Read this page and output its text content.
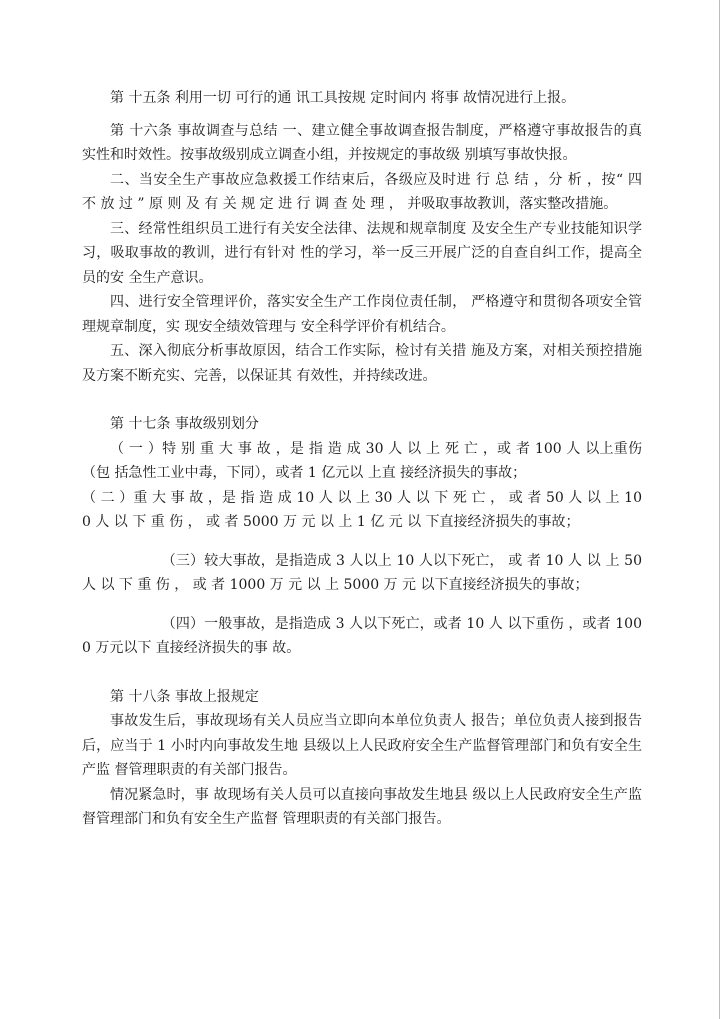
第 十五条 利用一切 可行的通 讯工具按规 定时间内 将事 故情况进行上报。

第 十六条 事故调查与总结 一、建立健全事故调查报告制度，严格遵守事故报告的真 实性和时效性。按事故级别成立调查小组，并按规定的事故级 别填写事故快报。

二、当安全生产事故应急救援工作结束后，各级应及时进 行 总 结 ，分 析 ，按“ 四 不 放 过 ” 原 则 及 有 关 规 定 进 行 调 查 处 理 ， 并吸取事故教训，落实整改措施。

三、经常性组织员工进行有关安全法律、法规和规章制度 及安全生产专业技能知识学习，吸取事故的教训，进行有针对 性的学习，举一反三开展广泛的自查自纠工作，提高全员的安 全生产意识。

四、进行安全管理评价，落实安全生产工作岗位责任制， 严格遵守和贯彻各项安全管理规章制度，实 现安全绩效管理与 安全科学评价有机结合。

五、深入彻底分析事故原因，结合工作实际，检讨有关措 施及方案，对相关预控措施及方案不断充实、完善，以保证其 有效性，并持续改进。

第 十七条 事故级别划分

（ 一 ）特 别 重 大 事 故 ，是 指 造 成 30 人 以 上 死 亡 ，或 者 100 人 以上重伤（包 括急性工业中毒，下同），或者 1 亿元以 上直 接经济损失的事故；

（ 二 ）重 大 事 故 ，是 指 造 成 10 人 以 上 30 人 以 下 死 亡 ， 或 者 50 人 以 上 100 人 以 下 重 伤 ， 或 者 5000 万 元 以 上 1 亿 元 以 下直接经济损失的事故；

（三）较大事故，是指造成 3 人以上 10 人以下死亡， 或 者 10 人 以 上 50 人 以 下 重 伤 ， 或 者 1000 万 元 以 上 5000 万 元 以下直接经济损失的事故；

（四）一般事故，是指造成 3 人以下死亡，或者 10 人 以下重伤 ，或者 1000 万元以下 直接经济损失的事 故。

第 十八条 事故上报规定

事故发生后，事故现场有关人员应当立即向本单位负责人 报告；单位负责人接到报告后，应当于 1 小时内向事故发生地 县级以上人民政府安全生产监督管理部门和负有安全生产监 督管理职责的有关部门报告。

情况紧急时，事 故现场有关人员可以直接向事故发生地县 级以上人民政府安全生产监督管理部门和负有安全生产监督 管理职责的有关部门报告。
